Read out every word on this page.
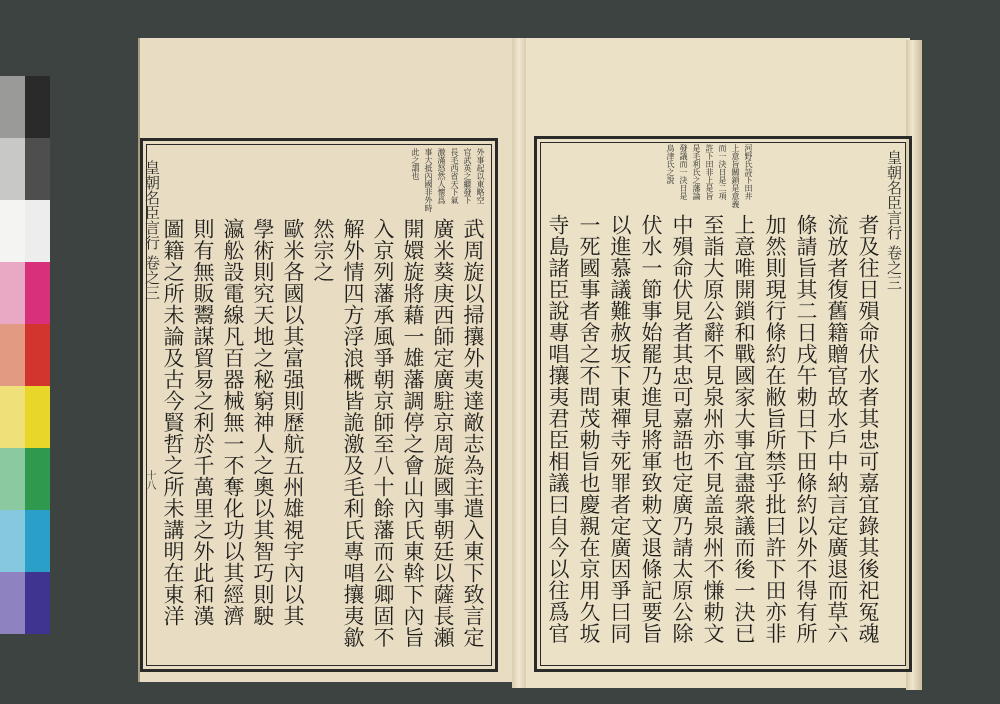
皇朝名臣言行 卷之三	外事起以東略空
官武英之繼發下
長毛西省天下氣
激滿怒然人懷爲
事大抵內國非外時
此之謂也
武周旋以掃攘外夷達敵志為主遣入東下致言定
廣米葵庚西師定廣駐京周旋國事朝廷以薩長瀬
開嬛旋將藉一雄藩調停之會山內氏東斡下內旨
入京列藩承風爭朝京師至八十餘藩而公卿固不
解外情四方浮浪概皆詭激及毛利氏專唱攘夷歙
然宗之
歐米各國以其富强則歷航五州雄視宇內以其
學術則究天地之秘窮神人之奧以其智巧則駛
瀛舩設電線凡百器械無一不奪化功以其經濟
則有無販鬻謀貿易之利於千萬里之外此和漢
圖籍之所未論及古今賢哲之所未講明在東洋
十八
皇朝名臣言行 卷之三
河野氏詩下田井
上意旨關鎖是意義
而一決日是二項
許下田非上是旨
是毛利氏之藩論
發議而一決日是
鳥津氏之說
者及往日殞命伏水者其忠可嘉宜錄其後祀冤魂
流放者復舊籍贈官故水戶中納言定廣退而草六
條請旨其二日戌午勅日下田條約以外不得有所
加然則現行條約在敝旨所禁乎批曰許下田亦非
上意唯開鎖和戰國家大事宜盡衆議而後一決已
至詣大原公辭不見泉州亦不見盖泉州不慊勅文
中殞命伏見者其忠可嘉語也定廣乃請太原公除
伏水一節事始罷乃進見將軍致勅文退條記要旨
以進慕議難赦坂下東禪寺死罪者定廣因爭曰同
一死國事者舍之不問茂勅旨也慶親在京用久坂
寺島諸臣說專唱攘夷君臣相議曰自今以往爲官
